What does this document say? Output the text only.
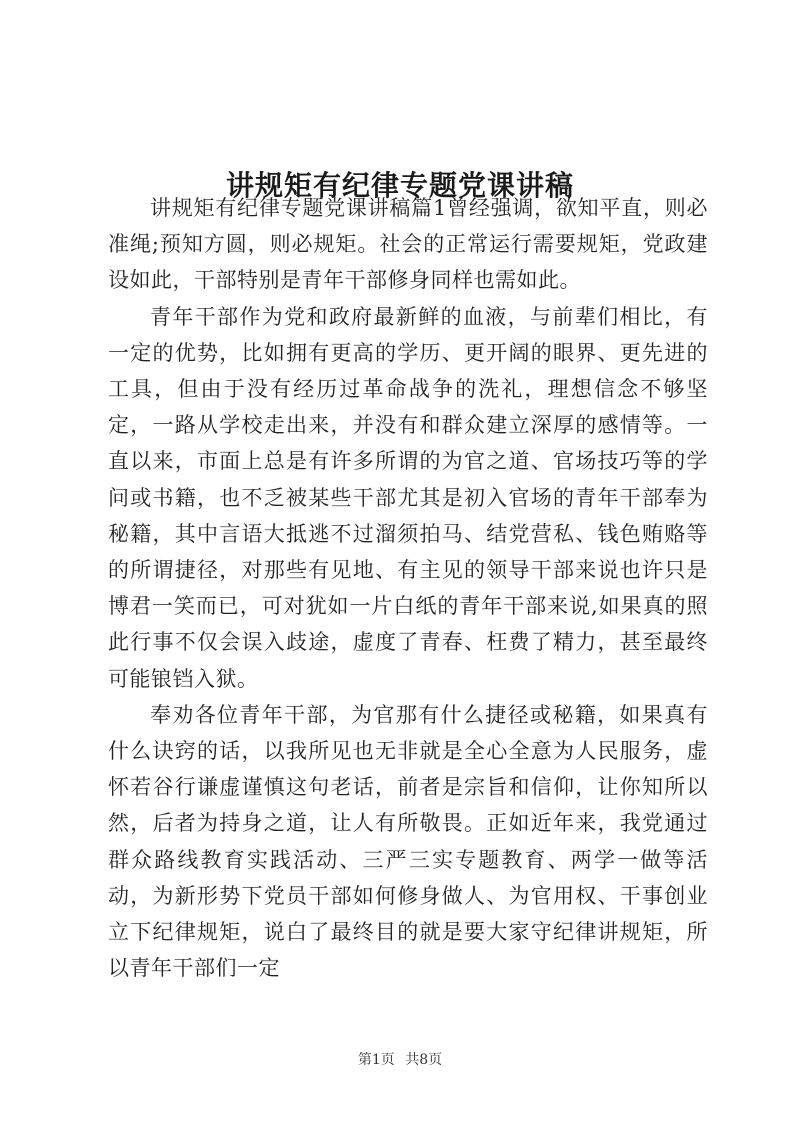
讲规矩有纪律专题党课讲稿

讲规矩有纪律专题党课讲稿篇1曾经强调，欲知平直，则必准绳;预知方圆，则必规矩。社会的正常运行需要规矩，党政建设如此，干部特别是青年干部修身同样也需如此。

青年干部作为党和政府最新鲜的血液，与前辈们相比，有一定的优势，比如拥有更高的学历、更开阔的眼界、更先进的工具，但由于没有经历过革命战争的洗礼，理想信念不够坚定，一路从学校走出来，并没有和群众建立深厚的感情等。一直以来，市面上总是有许多所谓的为官之道、官场技巧等的学问或书籍，也不乏被某些干部尤其是初入官场的青年干部奉为秘籍，其中言语大抵逃不过溜须拍马、结党营私、钱色贿赂等的所谓捷径，对那些有见地、有主见的领导干部来说也许只是博君一笑而已，可对犹如一片白纸的青年干部来说,如果真的照此行事不仅会误入歧途，虚度了青春、枉费了精力，甚至最终可能锒铛入狱。

奉劝各位青年干部，为官那有什么捷径或秘籍，如果真有什么诀窍的话，以我所见也无非就是全心全意为人民服务，虚怀若谷行谦虚谨慎这句老话，前者是宗旨和信仰，让你知所以然，后者为持身之道，让人有所敬畏。正如近年来，我党通过群众路线教育实践活动、三严三实专题教育、两学一做等活动，为新形势下党员干部如何修身做人、为官用权、干事创业立下纪律规矩，说白了最终目的就是要大家守纪律讲规矩，所以青年干部们一定

第1页 共8页
